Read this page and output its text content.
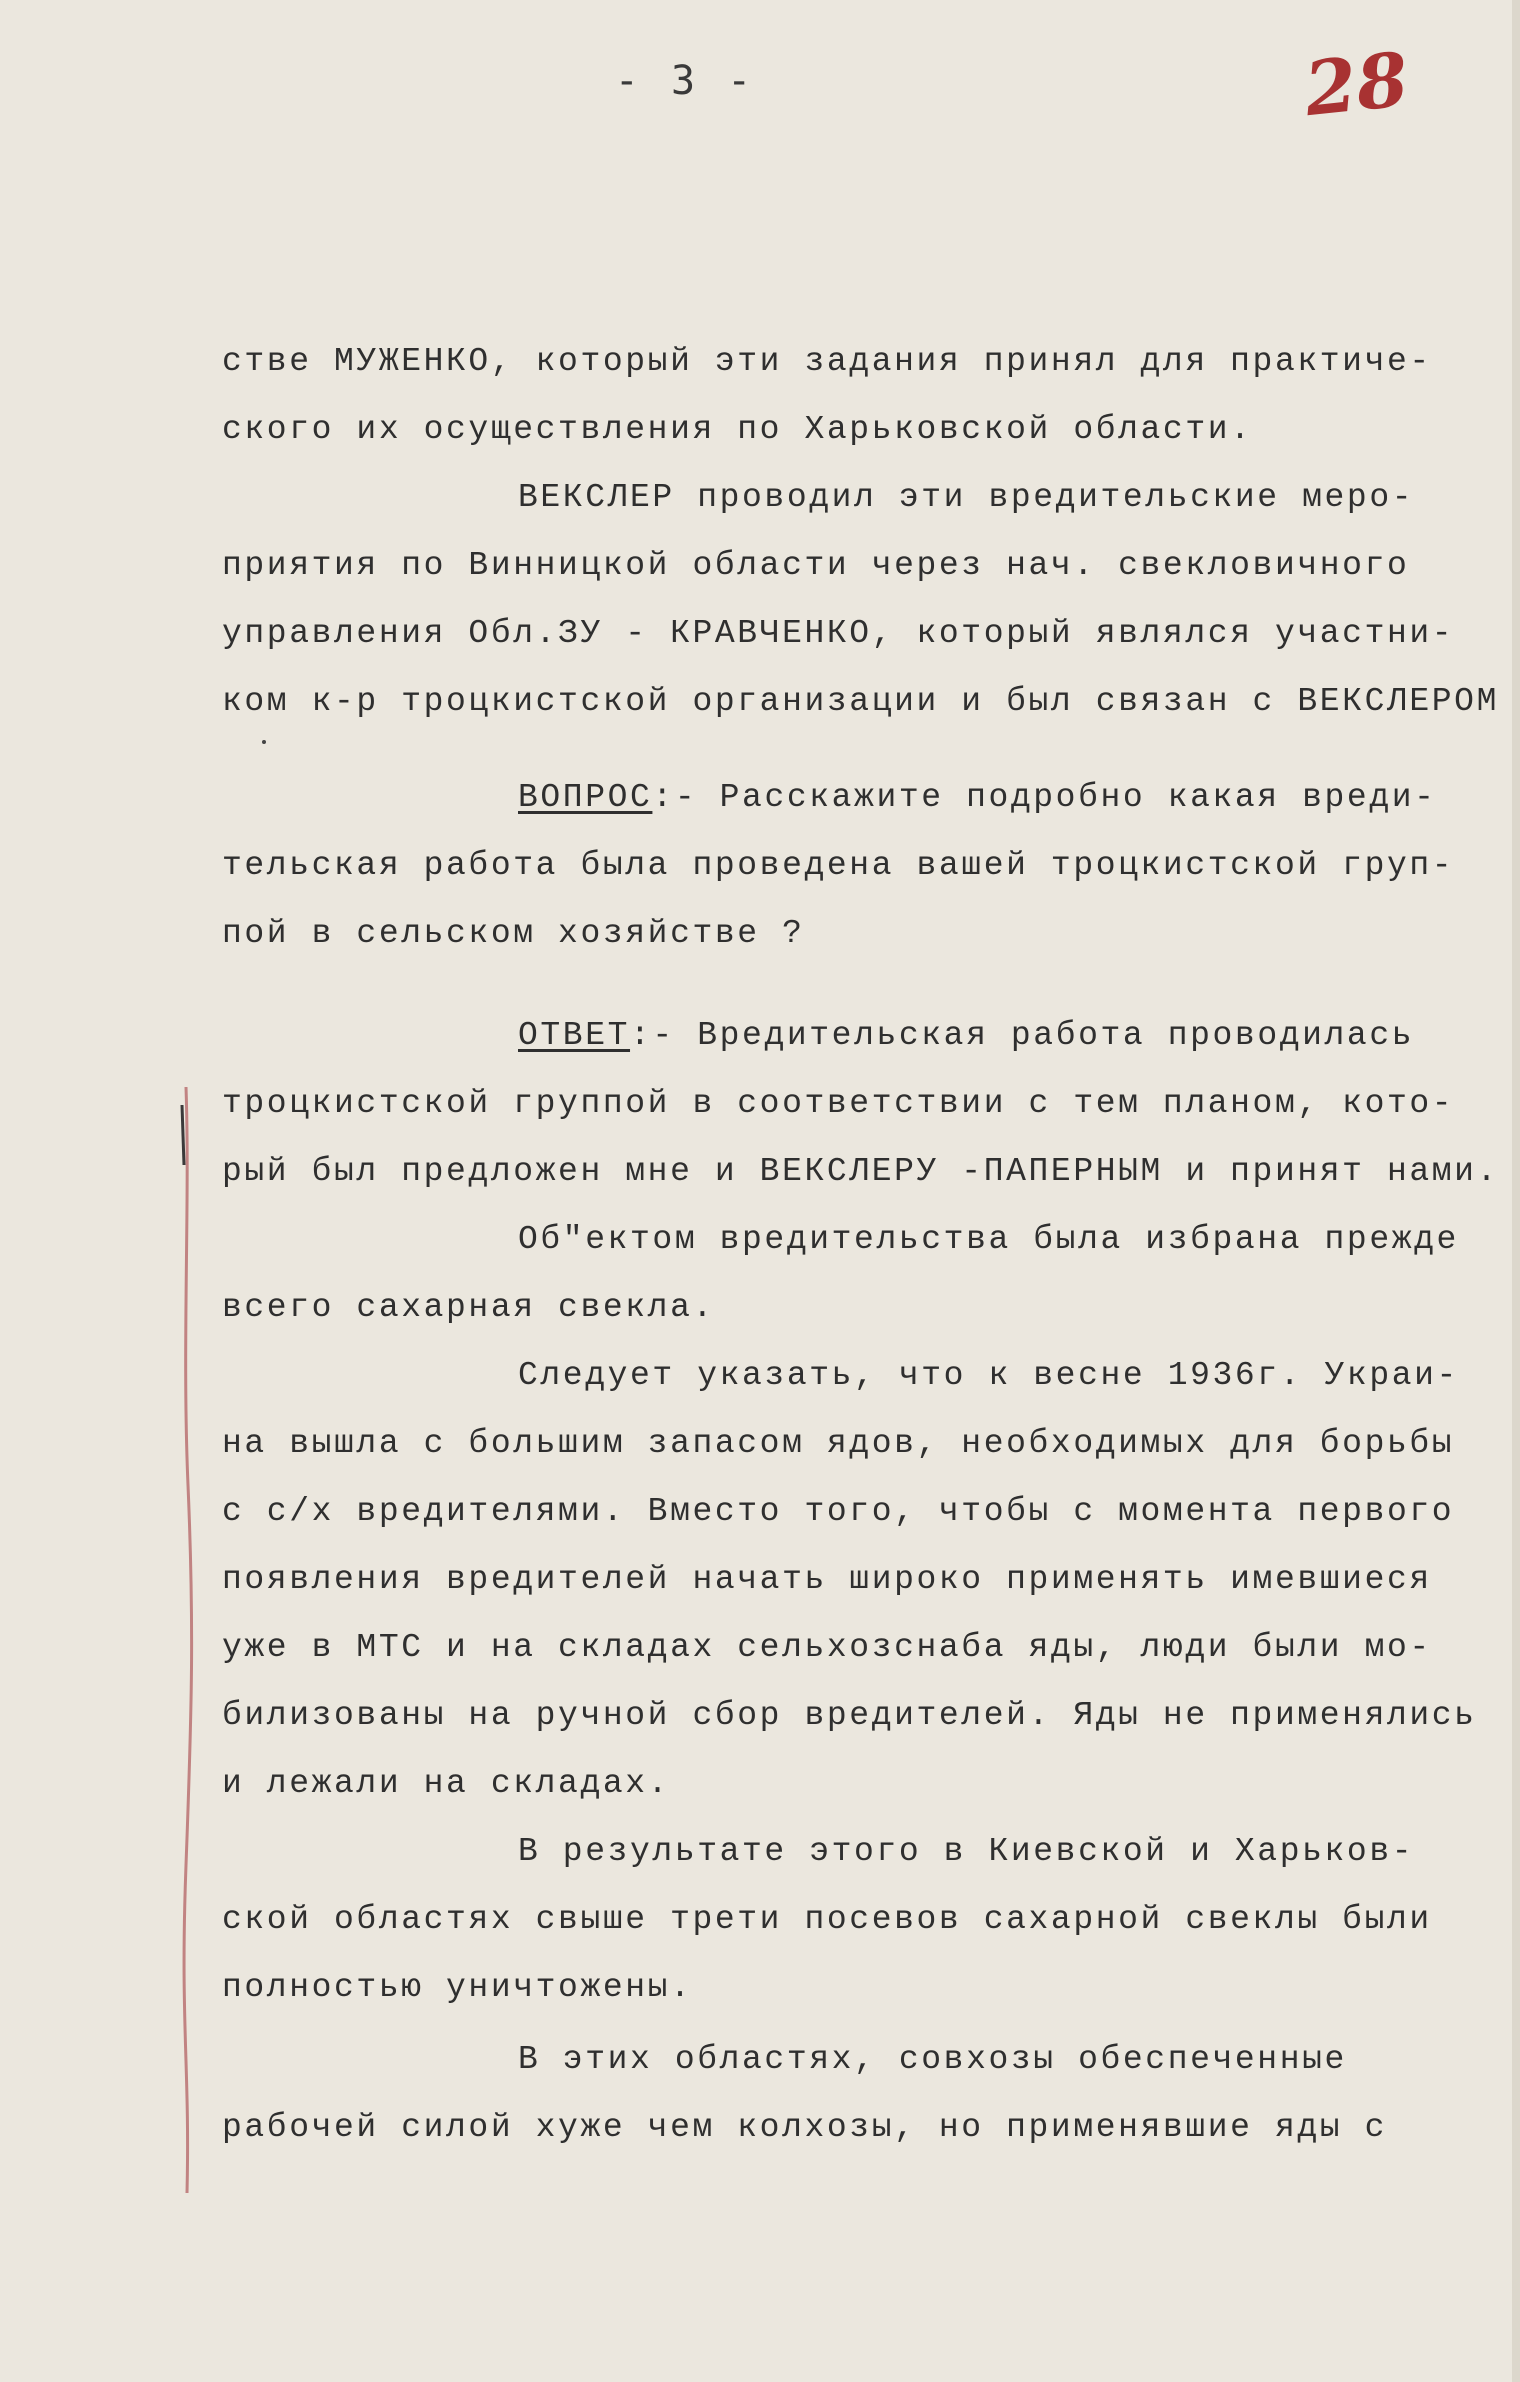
- 3 -	28

стве МУЖЕНКО, который эти задания принял для практиче-

ского их осуществления по Харьковской области.

ВЕКСЛЕР проводил эти вредительские меро-

приятия по Винницкой области через нач. свекловичного

управления Обл.ЗУ - КРАВЧЕНКО, который являлся участни-

ком к-р троцкистской организации и был связан с ВЕКСЛЕРОМ

ВОПРОС:- Расскажите подробно какая вреди-

тельская работа была проведена вашей троцкистской груп-

пой в сельском хозяйстве ?

ОТВЕТ:- Вредительская работа проводилась

троцкистской группой в соответствии с тем планом, кото-

рый был предложен мне и ВЕКСЛЕРУ -ПАПЕРНЫМ и принят нами.

Об"ектом вредительства была избрана прежде

всего сахарная свекла.

Следует указать, что к весне 1936г. Украи-

на вышла с большим запасом ядов, необходимых для борьбы

с с/х вредителями. Вместо того, чтобы с момента первого

появления вредителей начать широко применять имевшиеся

уже в МТС и на складах сельхозснаба яды, люди были мо-

билизованы на ручной сбор вредителей. Яды не применялись

и лежали на складах.

В результате этого в Киевской и Харьков-

ской областях свыше трети посевов сахарной свеклы были

полностью уничтожены.

В этих областях, совхозы обеспеченные

рабочей силой хуже чем колхозы, но применявшие яды с
